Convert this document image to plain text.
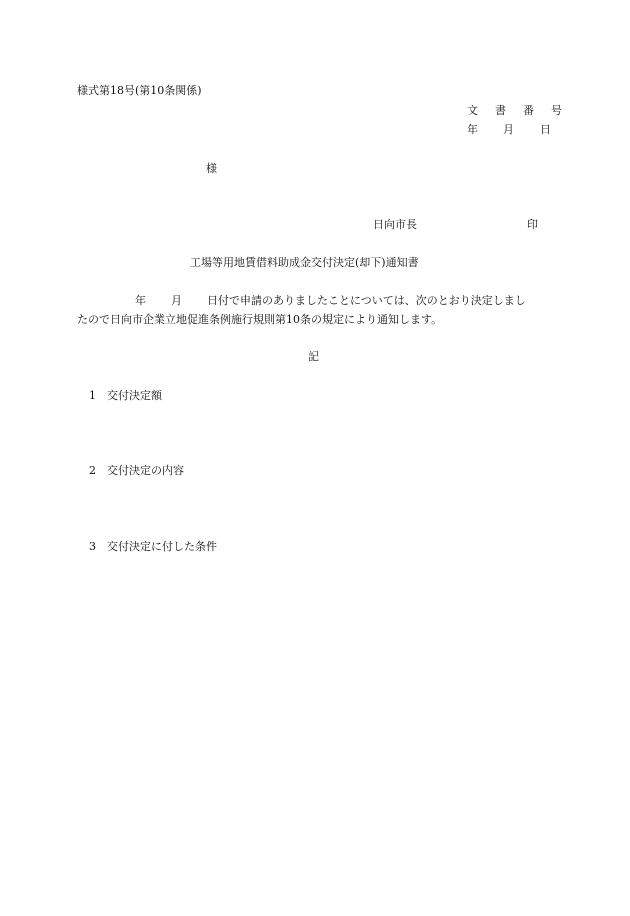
様式第18号(第10条関係)
文　書　番　号
年 月 日
様
日向市長	印
工場等用地賃借料助成金交付決定(却下)通知書
年 月 日付で申請のありましたことについては、次のとおり決定しまし
たので日向市企業立地促進条例施行規則第10条の規定により通知します。
記
1 交付決定額
2 交付決定の内容
3 交付決定に付した条件
